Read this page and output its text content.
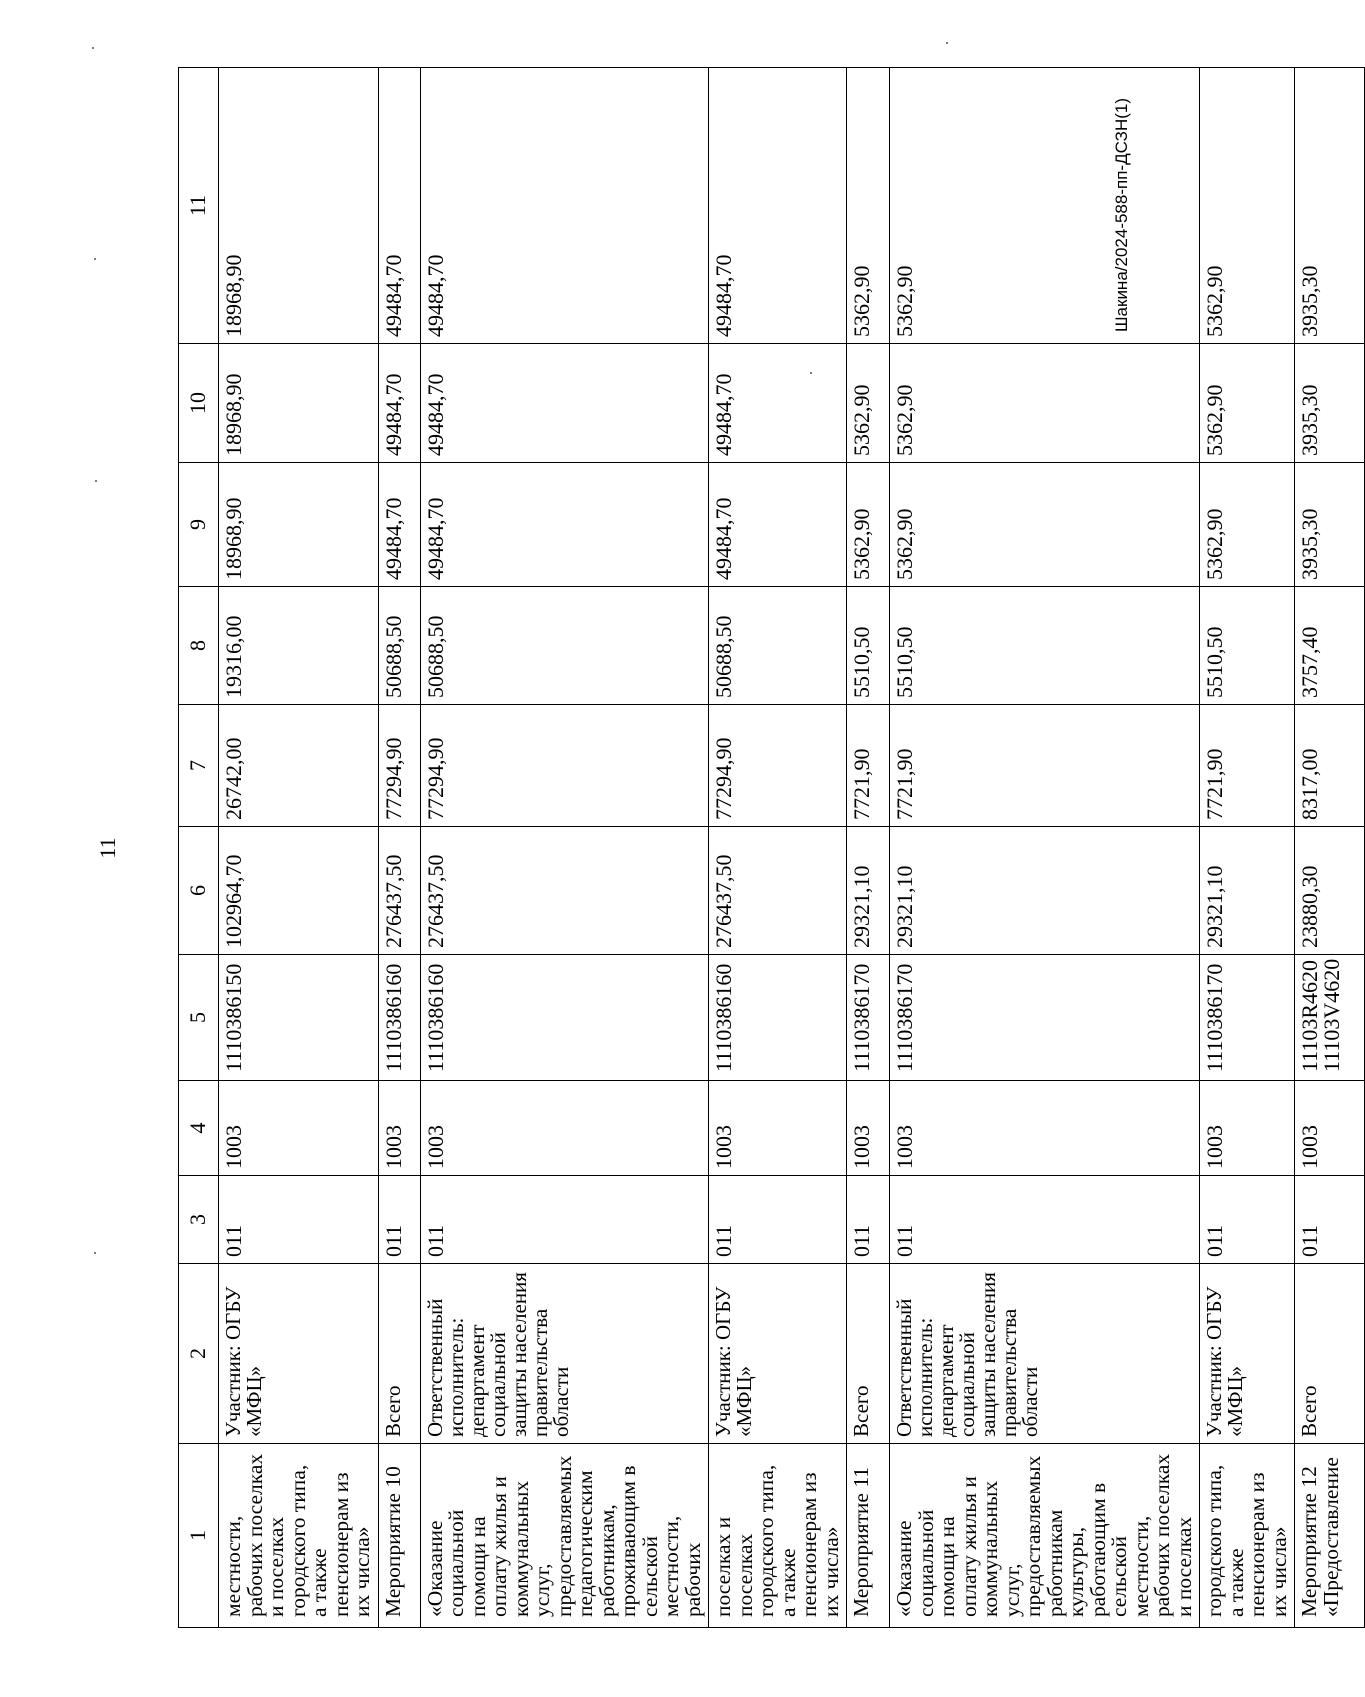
11
Шакина/2024-588-пп-ДСЗН(1)
1	2	3	4	5	6	7	8	9	10	11
местности, рабочих поселках и поселках городского типа, а также пенсионерам из их числа»	Участник: ОГБУ «МФЦ»	011	1003	1110386150	102964,70	26742,00	19316,00	18968,90	18968,90	18968,90
Мероприятие 10	Всего	011	1003	1110386160	276437,50	77294,90	50688,50	49484,70	49484,70	49484,70
«Оказание социальной помощи на оплату жилья и коммунальных услуг, предоставляемых педагогическим работникам, проживающим в сельской местности, рабочих	Ответственный исполнитель: департамент социальной защиты населения правительства области	011	1003	1110386160	276437,50	77294,90	50688,50	49484,70	49484,70	49484,70
поселках и поселках городского типа, а также пенсионерам из их числа»	Участник: ОГБУ «МФЦ»	011	1003	1110386160	276437,50	77294,90	50688,50	49484,70	49484,70	49484,70
Мероприятие 11	Всего	011	1003	1110386170	29321,10	7721,90	5510,50	5362,90	5362,90	5362,90
«Оказание социальной помощи на оплату жилья и коммунальных услуг, предоставляемых работникам культуры, работающим в сельской местности, рабочих поселках и поселках	Ответственный исполнитель: департамент социальной защиты населения правительства области	011	1003	1110386170	29321,10	7721,90	5510,50	5362,90	5362,90	5362,90
городского типа, а также пенсионерам из их числа»	Участник: ОГБУ «МФЦ»	011	1003	1110386170	29321,10	7721,90	5510,50	5362,90	5362,90	5362,90
Мероприятие 12 «Предоставление	Всего	011	1003	11103R4620 11103V4620	23880,30	8317,00	3757,40	3935,30	3935,30	3935,30
